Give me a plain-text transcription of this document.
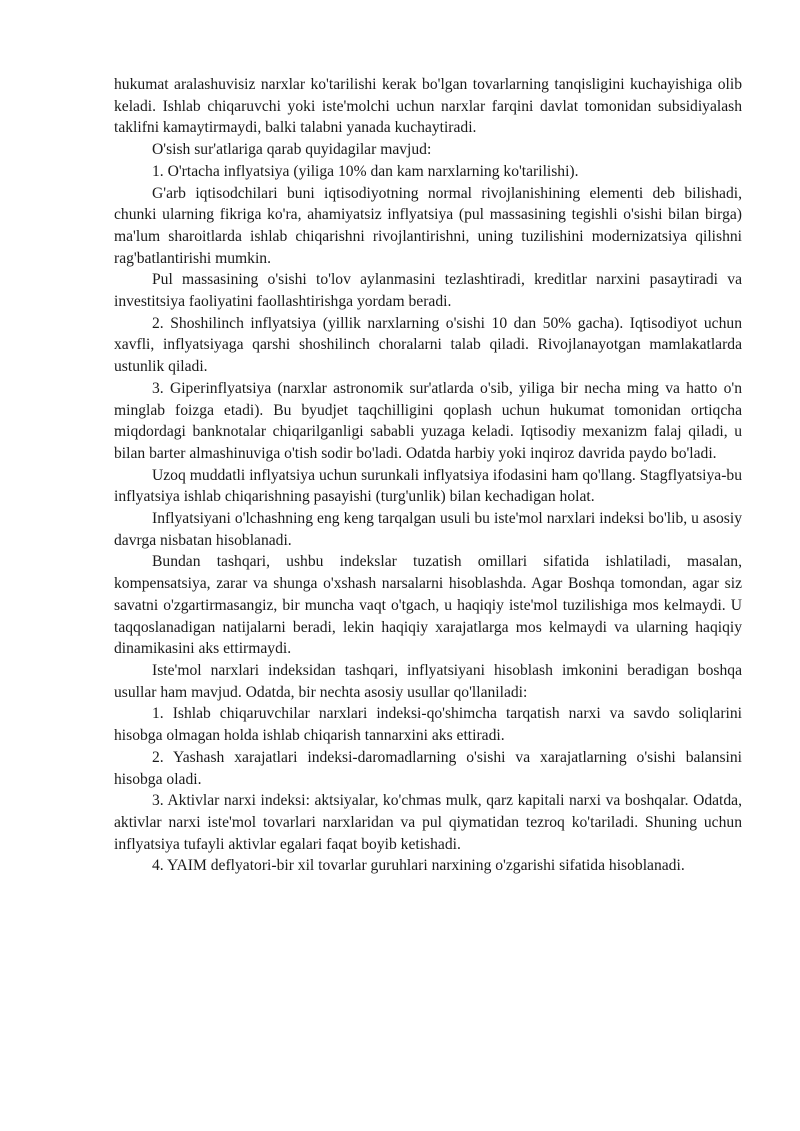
hukumat aralashuvisiz narxlar ko'tarilishi kerak bo'lgan tovarlarning tanqisligini kuchayishiga olib keladi. Ishlab chiqaruvchi yoki iste'molchi uchun narxlar farqini davlat tomonidan subsidiyalash taklifni kamaytirmaydi, balki talabni yanada kuchaytiradi.

O'sish sur'atlariga qarab quyidagilar mavjud:

1. O'rtacha inflyatsiya (yiliga 10% dan kam narxlarning ko'tarilishi).

G'arb iqtisodchilari buni iqtisodiyotning normal rivojlanishining elementi deb bilishadi, chunki ularning fikriga ko'ra, ahamiyatsiz inflyatsiya (pul massasining tegishli o'sishi bilan birga) ma'lum sharoitlarda ishlab chiqarishni rivojlantirishni, uning tuzilishini modernizatsiya qilishni rag'batlantirishi mumkin.

Pul massasining o'sishi to'lov aylanmasini tezlashtiradi, kreditlar narxini pasaytiradi va investitsiya faoliyatini faollashtirishga yordam beradi.

2. Shoshilinch inflyatsiya (yillik narxlarning o'sishi 10 dan 50% gacha). Iqtisodiyot uchun xavfli, inflyatsiyaga qarshi shoshilinch choralarni talab qiladi. Rivojlanayotgan mamlakatlarda ustunlik qiladi.

3. Giperinflyatsiya (narxlar astronomik sur'atlarda o'sib, yiliga bir necha ming va hatto o'n minglab foizga etadi). Bu byudjet taqchilligini qoplash uchun hukumat tomonidan ortiqcha miqdordagi banknotalar chiqarilganligi sababli yuzaga keladi. Iqtisodiy mexanizm falaj qiladi, u bilan barter almashinuviga o'tish sodir bo'ladi. Odatda harbiy yoki inqiroz davrida paydo bo'ladi.

Uzoq muddatli inflyatsiya uchun surunkali inflyatsiya ifodasini ham qo'llang. Stagflyatsiya-bu inflyatsiya ishlab chiqarishning pasayishi (turg'unlik) bilan kechadigan holat.

Inflyatsiyani o'lchashning eng keng tarqalgan usuli bu iste'mol narxlari indeksi bo'lib, u asosiy davrga nisbatan hisoblanadi.

Bundan tashqari, ushbu indekslar tuzatish omillari sifatida ishlatiladi, masalan, kompensatsiya, zarar va shunga o'xshash narsalarni hisoblashda. Agar Boshqa tomondan, agar siz savatni o'zgartirmasangiz, bir muncha vaqt o'tgach, u haqiqiy iste'mol tuzilishiga mos kelmaydi. U taqqoslanadigan natijalarni beradi, lekin haqiqiy xarajatlarga mos kelmaydi va ularning haqiqiy dinamikasini aks ettirmaydi.

Iste'mol narxlari indeksidan tashqari, inflyatsiyani hisoblash imkonini beradigan boshqa usullar ham mavjud. Odatda, bir nechta asosiy usullar qo'llaniladi:

1. Ishlab chiqaruvchilar narxlari indeksi-qo'shimcha tarqatish narxi va savdo soliqlarini hisobga olmagan holda ishlab chiqarish tannarxini aks ettiradi.

2. Yashash xarajatlari indeksi-daromadlarning o'sishi va xarajatlarning o'sishi balansini hisobga oladi.

3. Aktivlar narxi indeksi: aktsiyalar, ko'chmas mulk, qarz kapitali narxi va boshqalar. Odatda, aktivlar narxi iste'mol tovarlari narxlaridan va pul qiymatidan tezroq ko'tariladi. Shuning uchun inflyatsiya tufayli aktivlar egalari faqat boyib ketishadi.

4. YAIM deflyatori-bir xil tovarlar guruhlari narxining o'zgarishi sifatida hisoblanadi.
